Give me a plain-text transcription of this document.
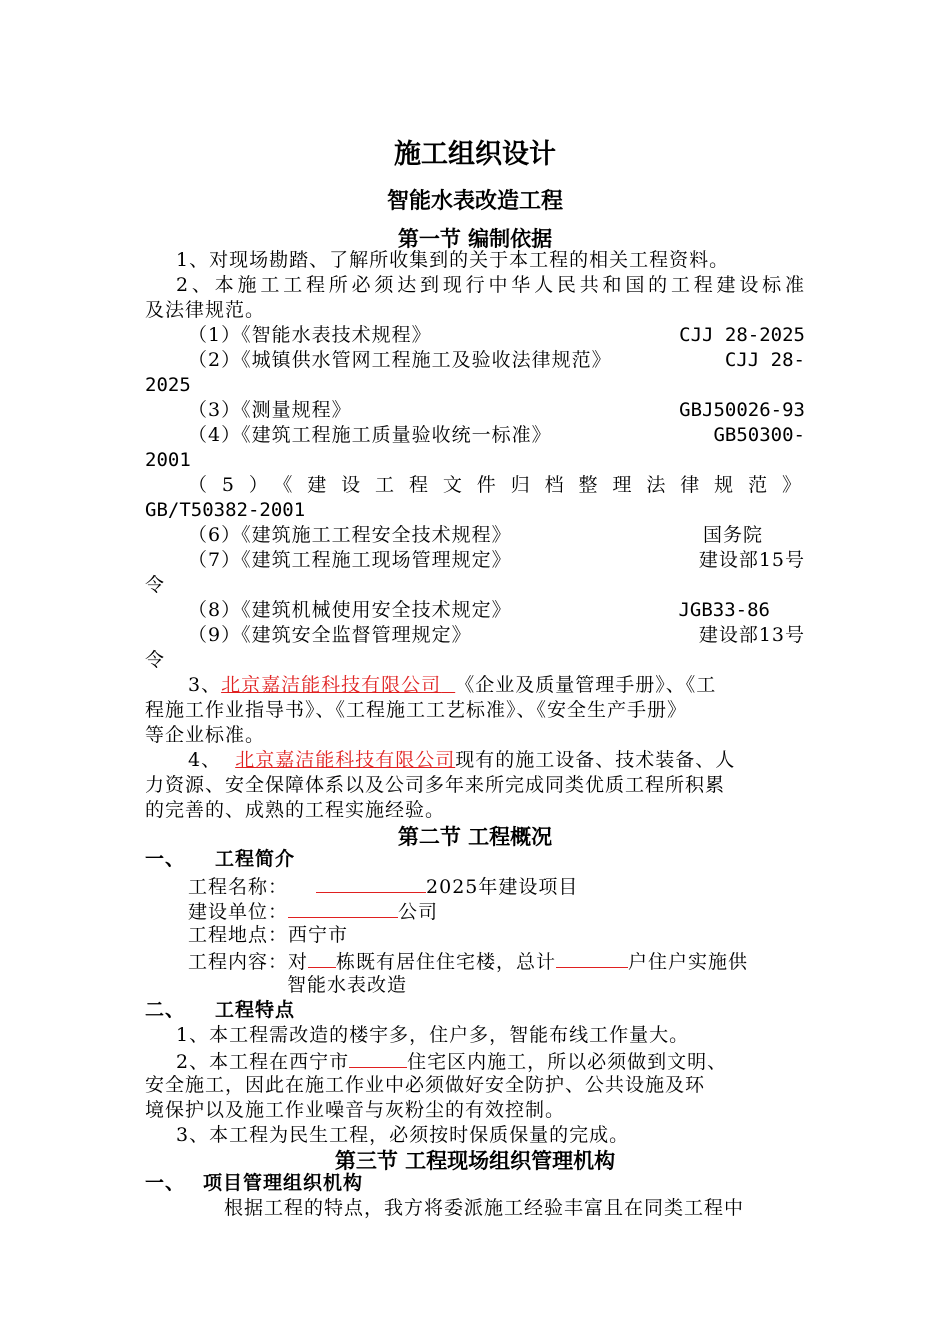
施工组织设计
智能水表改造工程
第一节 编制依据
1、对现场勘踏、了解所收集到的关于本工程的相关工程资料。
2、本施工工程所必须达到现行中华人民共和国的工程建设标准
及法律规范。
（1）《智能水表技术规程》	CJJ 28-2025
（2）《城镇供水管网工程施工及验收法律规范》	CJJ 28-
2025
（3）《测量规程》	GBJ50026-93
（4）《建筑工程施工质量验收统一标准》	GB50300-
2001
（5）《建设工程文件归档整理法律规范》
GB/T50382-2001
（6）《建筑施工工程安全技术规程》	国务院
（7）《建筑工程施工现场管理规定》	建设部15号
令
（8）《建筑机械使用安全技术规定》	JGB33-86
（9）《建筑安全监督管理规定》	建设部13号
令
3、北京嘉洁能科技有限公司 《企业及质量管理手册》、《工
程施工作业指导书》、《工程施工工艺标准》、《安全生产手册》
等企业标准。
4、 北京嘉洁能科技有限公司现有的施工设备、技术装备、人
力资源、安全保障体系以及公司多年来所完成同类优质工程所积累
的完善的、成熟的工程实施经验。
第二节 工程概况
一、 工程简介
工程名称：	2025年建设项目
建设单位：	公司
工程地点：西宁市
工程内容：对 栋既有居住住宅楼，总计	户住户实施供
智能水表改造
二、 工程特点
1、本工程需改造的楼宇多，住户多，智能布线工作量大。
2、本工程在西宁市	住宅区内施工，所以必须做到文明、
安全施工，因此在施工作业中必须做好安全防护、公共设施及环
境保护以及施工作业噪音与灰粉尘的有效控制。
3、本工程为民生工程，必须按时保质保量的完成。
第三节 工程现场组织管理机构
一、 项目管理组织机构
根据工程的特点，我方将委派施工经验丰富且在同类工程中
